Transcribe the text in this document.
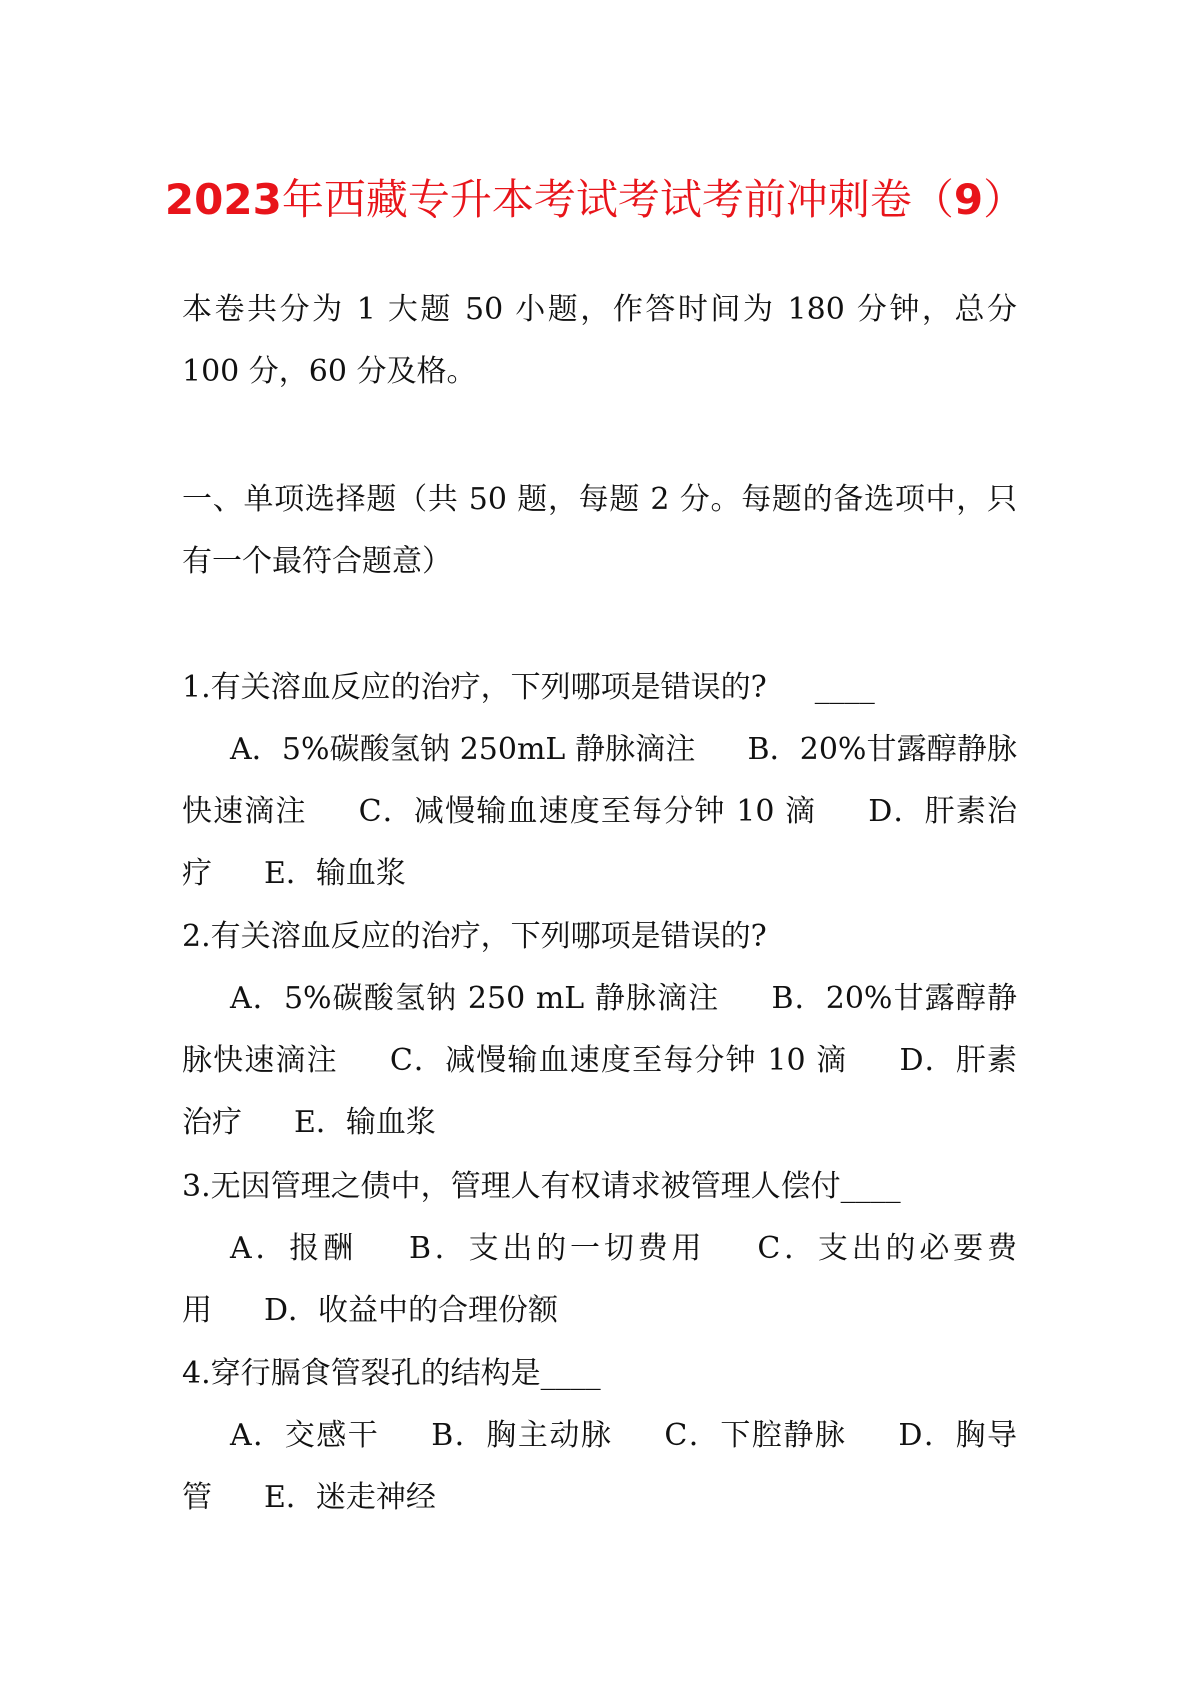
2023年西藏专升本考试考试考前冲刺卷（9）
本卷共分为 1 大题 50 小题，作答时间为 180 分钟，总分 100 分，60 分及格。
一、单项选择题（共 50 题，每题 2 分。每题的备选项中，只有一个最符合题意）
1.有关溶血反应的治疗，下列哪项是错误的? ____
A．5%碳酸氢钠 250mL 静脉滴注 B．20%甘露醇静脉快速滴注 C．减慢输血速度至每分钟 10 滴 D．肝素治疗 E．输血浆
2.有关溶血反应的治疗，下列哪项是错误的?
A．5%碳酸氢钠 250 mL 静脉滴注 B．20%甘露醇静脉快速滴注 C．减慢输血速度至每分钟 10 滴 D．肝素治疗 E．输血浆
3.无因管理之债中，管理人有权请求被管理人偿付____
A．报酬 B．支出的一切费用 C．支出的必要费用 D．收益中的合理份额
4.穿行膈食管裂孔的结构是____
A．交感干 B．胸主动脉 C．下腔静脉 D．胸导管 E．迷走神经
